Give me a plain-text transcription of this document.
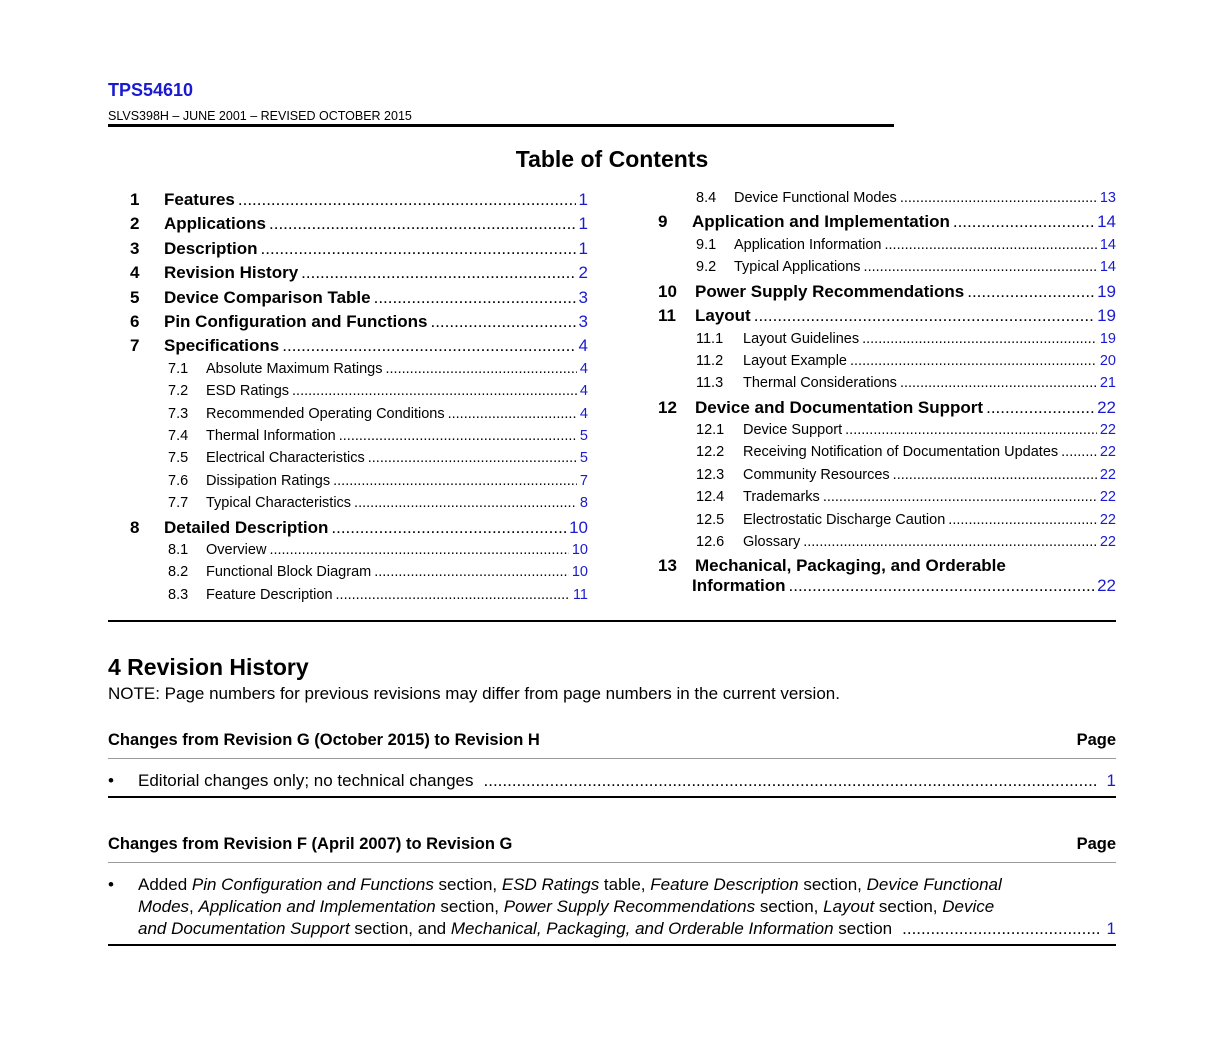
TPS54610
SLVS398H – JUNE 2001 – REVISED OCTOBER 2015
Table of Contents
1	Features .....	1
2	Applications .....	1
3	Description .....	1
4	Revision History .....	2
5	Device Comparison Table .....	3
6	Pin Configuration and Functions .....	3
7	Specifications .....	4
7.1	Absolute Maximum Ratings .....	4
7.2	ESD Ratings .....	4
7.3	Recommended Operating Conditions .....	4
7.4	Thermal Information .....	5
7.5	Electrical Characteristics .....	5
7.6	Dissipation Ratings .....	7
7.7	Typical Characteristics .....	8
8	Detailed Description .....	10
8.1	Overview .....	10
8.2	Functional Block Diagram .....	10
8.3	Feature Description .....	11
8.4	Device Functional Modes .....	13
9	Application and Implementation .....	14
9.1	Application Information .....	14
9.2	Typical Applications .....	14
10	Power Supply Recommendations .....	19
11	Layout .....	19
11.1	Layout Guidelines .....	19
11.2	Layout Example .....	20
11.3	Thermal Considerations .....	21
12	Device and Documentation Support .....	22
12.1	Device Support .....	22
12.2	Receiving Notification of Documentation Updates .....	22
12.3	Community Resources .....	22
12.4	Trademarks .....	22
12.5	Electrostatic Discharge Caution .....	22
12.6	Glossary .....	22
13 Mechanical, Packaging, and Orderable
Information .....	22
4 Revision History
NOTE: Page numbers for previous revisions may differ from page numbers in the current version.
Changes from Revision G (October 2015) to Revision H	Page
• Editorial changes only; no technical changes .....	1
Changes from Revision F (April 2007) to Revision G	Page
• Added Pin Configuration and Functions section, ESD Ratings table, Feature Description section, Device Functional
Modes, Application and Implementation section, Power Supply Recommendations section, Layout section, Device
and Documentation Support section, and Mechanical, Packaging, and Orderable Information section .....	1
